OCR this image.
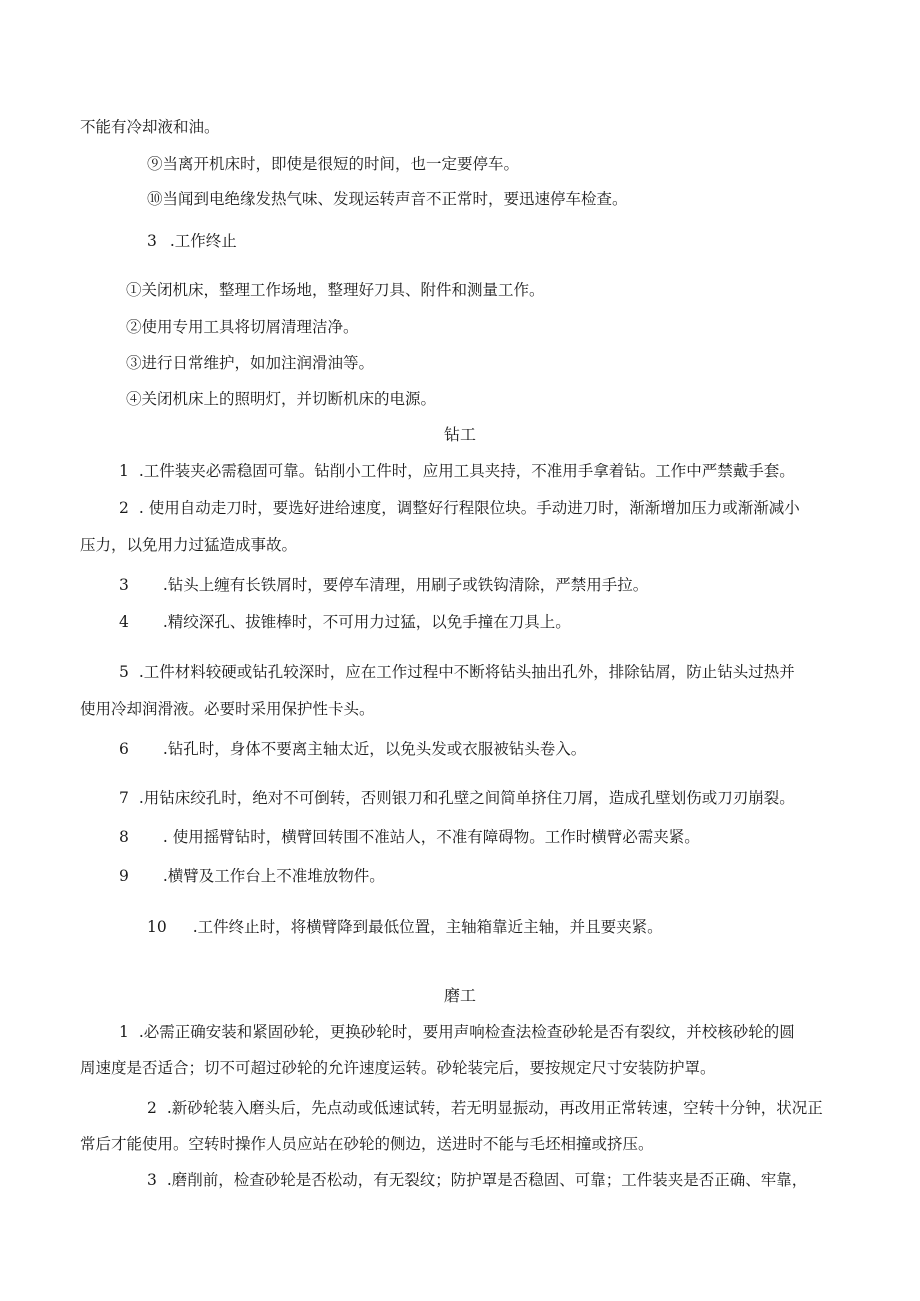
不能有冷却液和油。
⑨当离开机床时，即使是很短的时间，也一定要停车。
⑩当闻到电绝缘发热气味、发现运转声音不正常时，要迅速停车检查。
3 .工作终止
①关闭机床，整理工作场地，整理好刀具、附件和测量工作。
②使用专用工具将切屑清理洁净。
③进行日常维护，如加注润滑油等。
④关闭机床上的照明灯，并切断机床的电源。
钻工
1 .工件装夹必需稳固可靠。钻削小工件时，应用工具夹持，不准用手拿着钻。工作中严禁戴手套。
2 . 使用自动走刀时，要选好进给速度，调整好行程限位块。手动进刀时，渐渐增加压力或渐渐减小
压力，以免用力过猛造成事故。
3 .钻头上缠有长铁屑时，要停车清理，用刷子或铁钩清除，严禁用手拉。
4 .精绞深孔、拔锥棒时，不可用力过猛，以免手撞在刀具上。
5 .工件材料较硬或钻孔较深时，应在工作过程中不断将钻头抽出孔外，排除钻屑，防止钻头过热并
使用冷却润滑液。必要时采用保护性卡头。
6 .钻孔时，身体不要离主轴太近，以免头发或衣服被钻头卷入。
7 .用钻床绞孔时，绝对不可倒转，否则银刀和孔壁之间简单挤住刀屑，造成孔壁划伤或刀刃崩裂。
8 . 使用摇臂钻时，横臂回转围不准站人，不准有障碍物。工作时横臂必需夹紧。
9 .横臂及工作台上不准堆放物件。
10 .工件终止时，将横臂降到最低位置，主轴箱靠近主轴，并且要夹紧。
磨工
1 .必需正确安装和紧固砂轮，更换砂轮时，要用声响检查法检查砂轮是否有裂纹，并校核砂轮的圆
周速度是否适合；切不可超过砂轮的允许速度运转。砂轮装完后，要按规定尺寸安装防护罩。
2 .新砂轮装入磨头后，先点动或低速试转，若无明显振动，再改用正常转速，空转十分钟，状况正
常后才能使用。空转时操作人员应站在砂轮的侧边，送进时不能与毛坯相撞或挤压。
3 .磨削前，检查砂轮是否松动，有无裂纹；防护罩是否稳固、可靠；工件装夹是否正确、牢靠，
